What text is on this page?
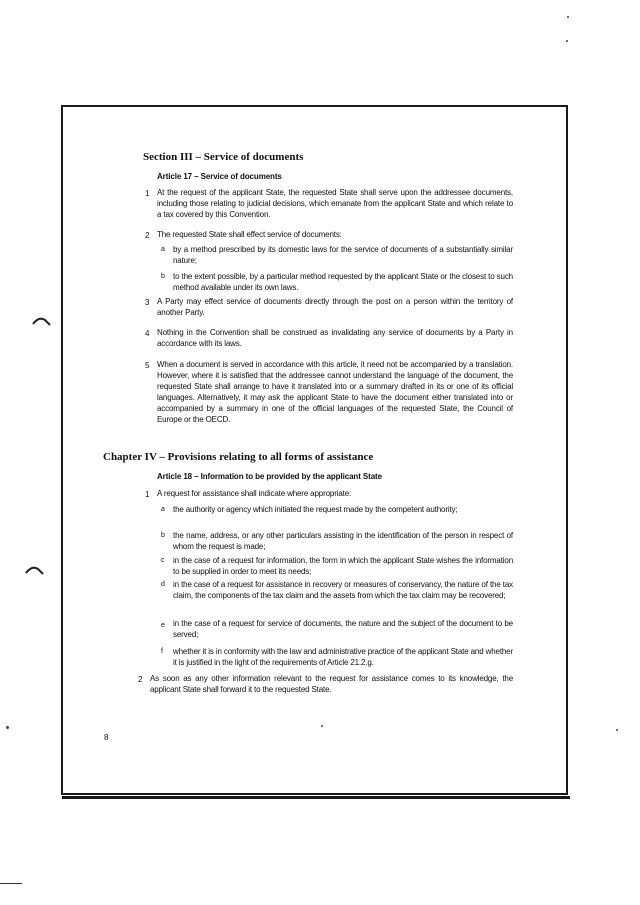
Section III – Service of documents
Article 17 – Service of documents
1 At the request of the applicant State, the requested State shall serve upon the addressee documents, including those relating to judicial decisions, which emanate from the applicant State and which relate to a tax covered by this Convention.
2 The requested State shall effect service of documents:
a by a method prescribed by its domestic laws for the service of documents of a substantially similar nature;
b to the extent possible, by a particular method requested by the applicant State or the closest to such method available under its own laws.
3 A Party may effect service of documents directly through the post on a person within the territory of another Party.
4 Nothing in the Convention shall be construed as invalidating any service of documents by a Party in accordance with its laws.
5 When a document is served in accordance with this article, it need not be accompanied by a translation. However, where it is satisfied that the addressee cannot understand the language of the document, the requested State shall arrange to have it translated into or a summary drafted in its or one of its official languages. Alternatively, it may ask the applicant State to have the document either translated into or accompanied by a summary in one of the official languages of the requested State, the Council of Europe or the OECD.
Chapter IV – Provisions relating to all forms of assistance
Article 18 – Information to be provided by the applicant State
1 A request for assistance shall indicate where appropriate:
a the authority or agency which initiated the request made by the competent authority;
b the name, address, or any other particulars assisting in the identification of the person in respect of whom the request is made;
c in the case of a request for information, the form in which the applicant State wishes the information to be supplied in order to meet its needs;
d in the case of a request for assistance in recovery or measures of conservancy, the nature of the tax claim, the components of the tax claim and the assets from which the tax claim may be recovered;
e in the case of a request for service of documents, the nature and the subject of the document to be served;
f whether it is in conformity with the law and administrative practice of the applicant State and whether it is justified in the light of the requirements of Article 21.2.g.
2 As soon as any other information relevant to the request for assistance comes to its knowledge, the applicant State shall forward it to the requested State.
8
